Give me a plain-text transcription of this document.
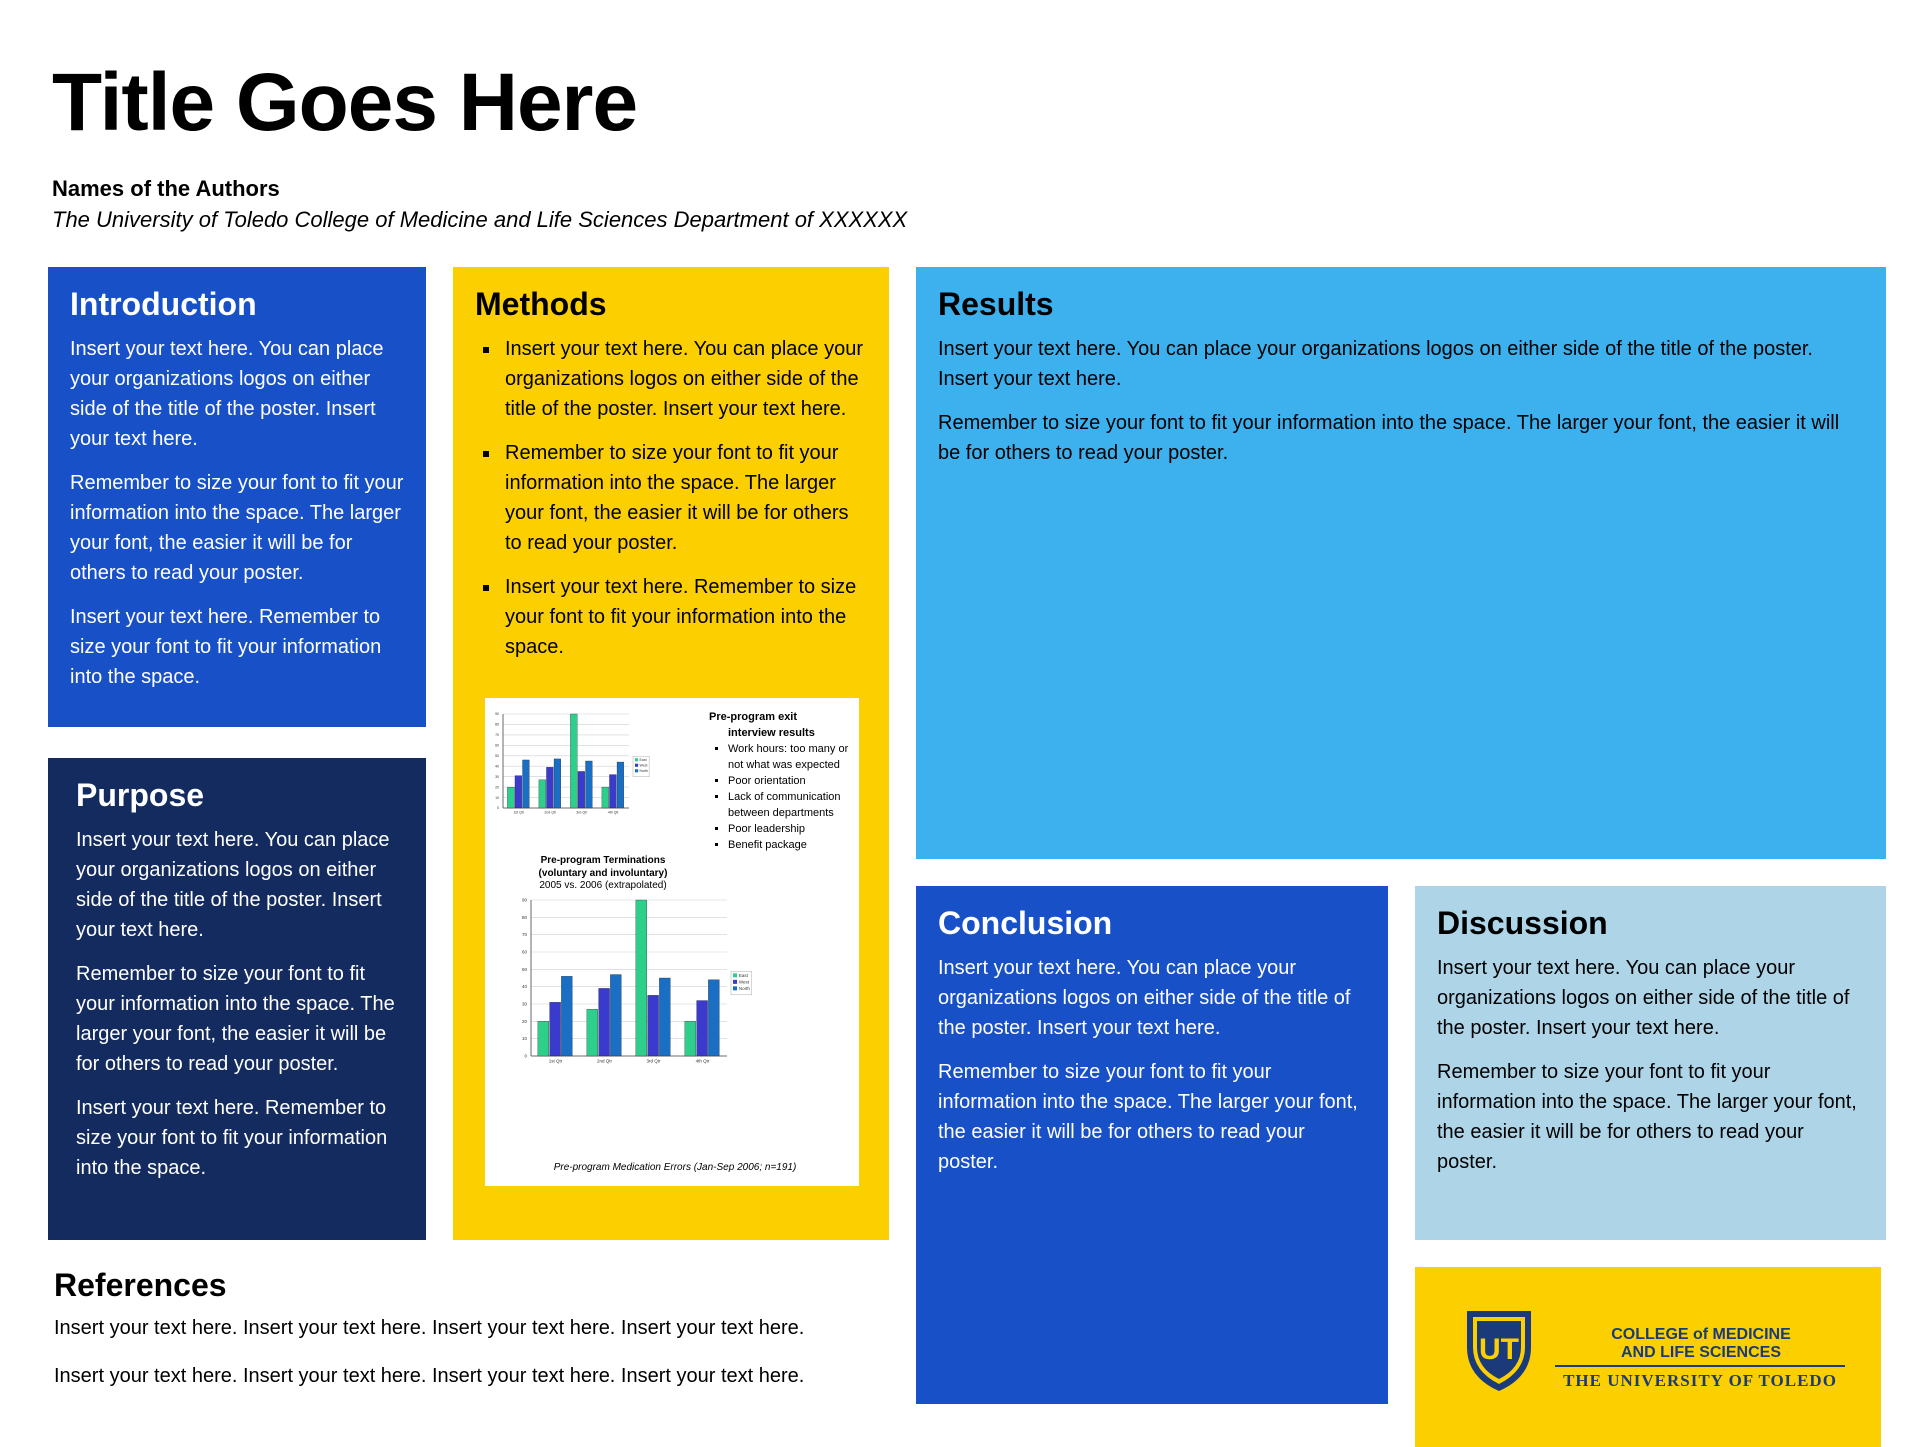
Title Goes Here
Names of the Authors
The University of Toledo College of Medicine and Life Sciences Department of XXXXXX
Introduction

Insert your text here. You can place your organizations logos on either side of the title of the poster. Insert your text here.

Remember to size your font to fit your information into the space. The larger your font, the easier it will be for others to read your poster.

Insert your text here. Remember to size your font to fit your information into the space.

Purpose

Insert your text here. You can place your organizations logos on either side of the title of the poster. Insert your text here.

Remember to size your font to fit your information into the space. The larger your font, the easier it will be for others to read your poster.

Insert your text here. Remember to size your font to fit your information into the space.

Methods
▪ Insert your text here. You can place your organizations logos on either side of the title of the poster. Insert your text here.
▪ Remember to size your font to fit your information into the space. The larger your font, the easier it will be for others to read your poster.
▪ Insert your text here. Remember to size your font to fit your information into the space.
0
10
20
30
40
50
60
70
80
90
1st Qtr	2nd Qtr	3rd Qtr	4th Qtr
East
West
North
0
10
20
30
40
50
60
70
80
90
1st Qtr	2nd Qtr	3rd Qtr	4th Qtr
East
West
North
Pre-program exit
interview results
▪ Work hours: too many or not what was expected
▪ Poor orientation
▪ Lack of communication between departments
▪ Poor leadership
▪ Benefit package
Pre-program Terminations
(voluntary and involuntary)
2005 vs. 2006 (extrapolated)
Pre-program Medication Errors (Jan-Sep 2006; n=191)
Results

Insert your text here. You can place your organizations logos on either side of the title of the poster. Insert your text here.

Remember to size your font to fit your information into the space. The larger your font, the easier it will be for others to read your poster.

Conclusion

Insert your text here. You can place your organizations logos on either side of the title of the poster. Insert your text here.

Remember to size your font to fit your information into the space. The larger your font, the easier it will be for others to read your poster.

Discussion

Insert your text here. You can place your organizations logos on either side of the title of the poster. Insert your text here.

Remember to size your font to fit your information into the space. The larger your font, the easier it will be for others to read your poster.

References

Insert your text here. Insert your text here. Insert your text here. Insert your text here.

Insert your text here. Insert your text here. Insert your text here. Insert your text here.

UT	COLLEGE of MEDICINE
AND LIFE SCIENCES
THE UNIVERSITY OF TOLEDO
